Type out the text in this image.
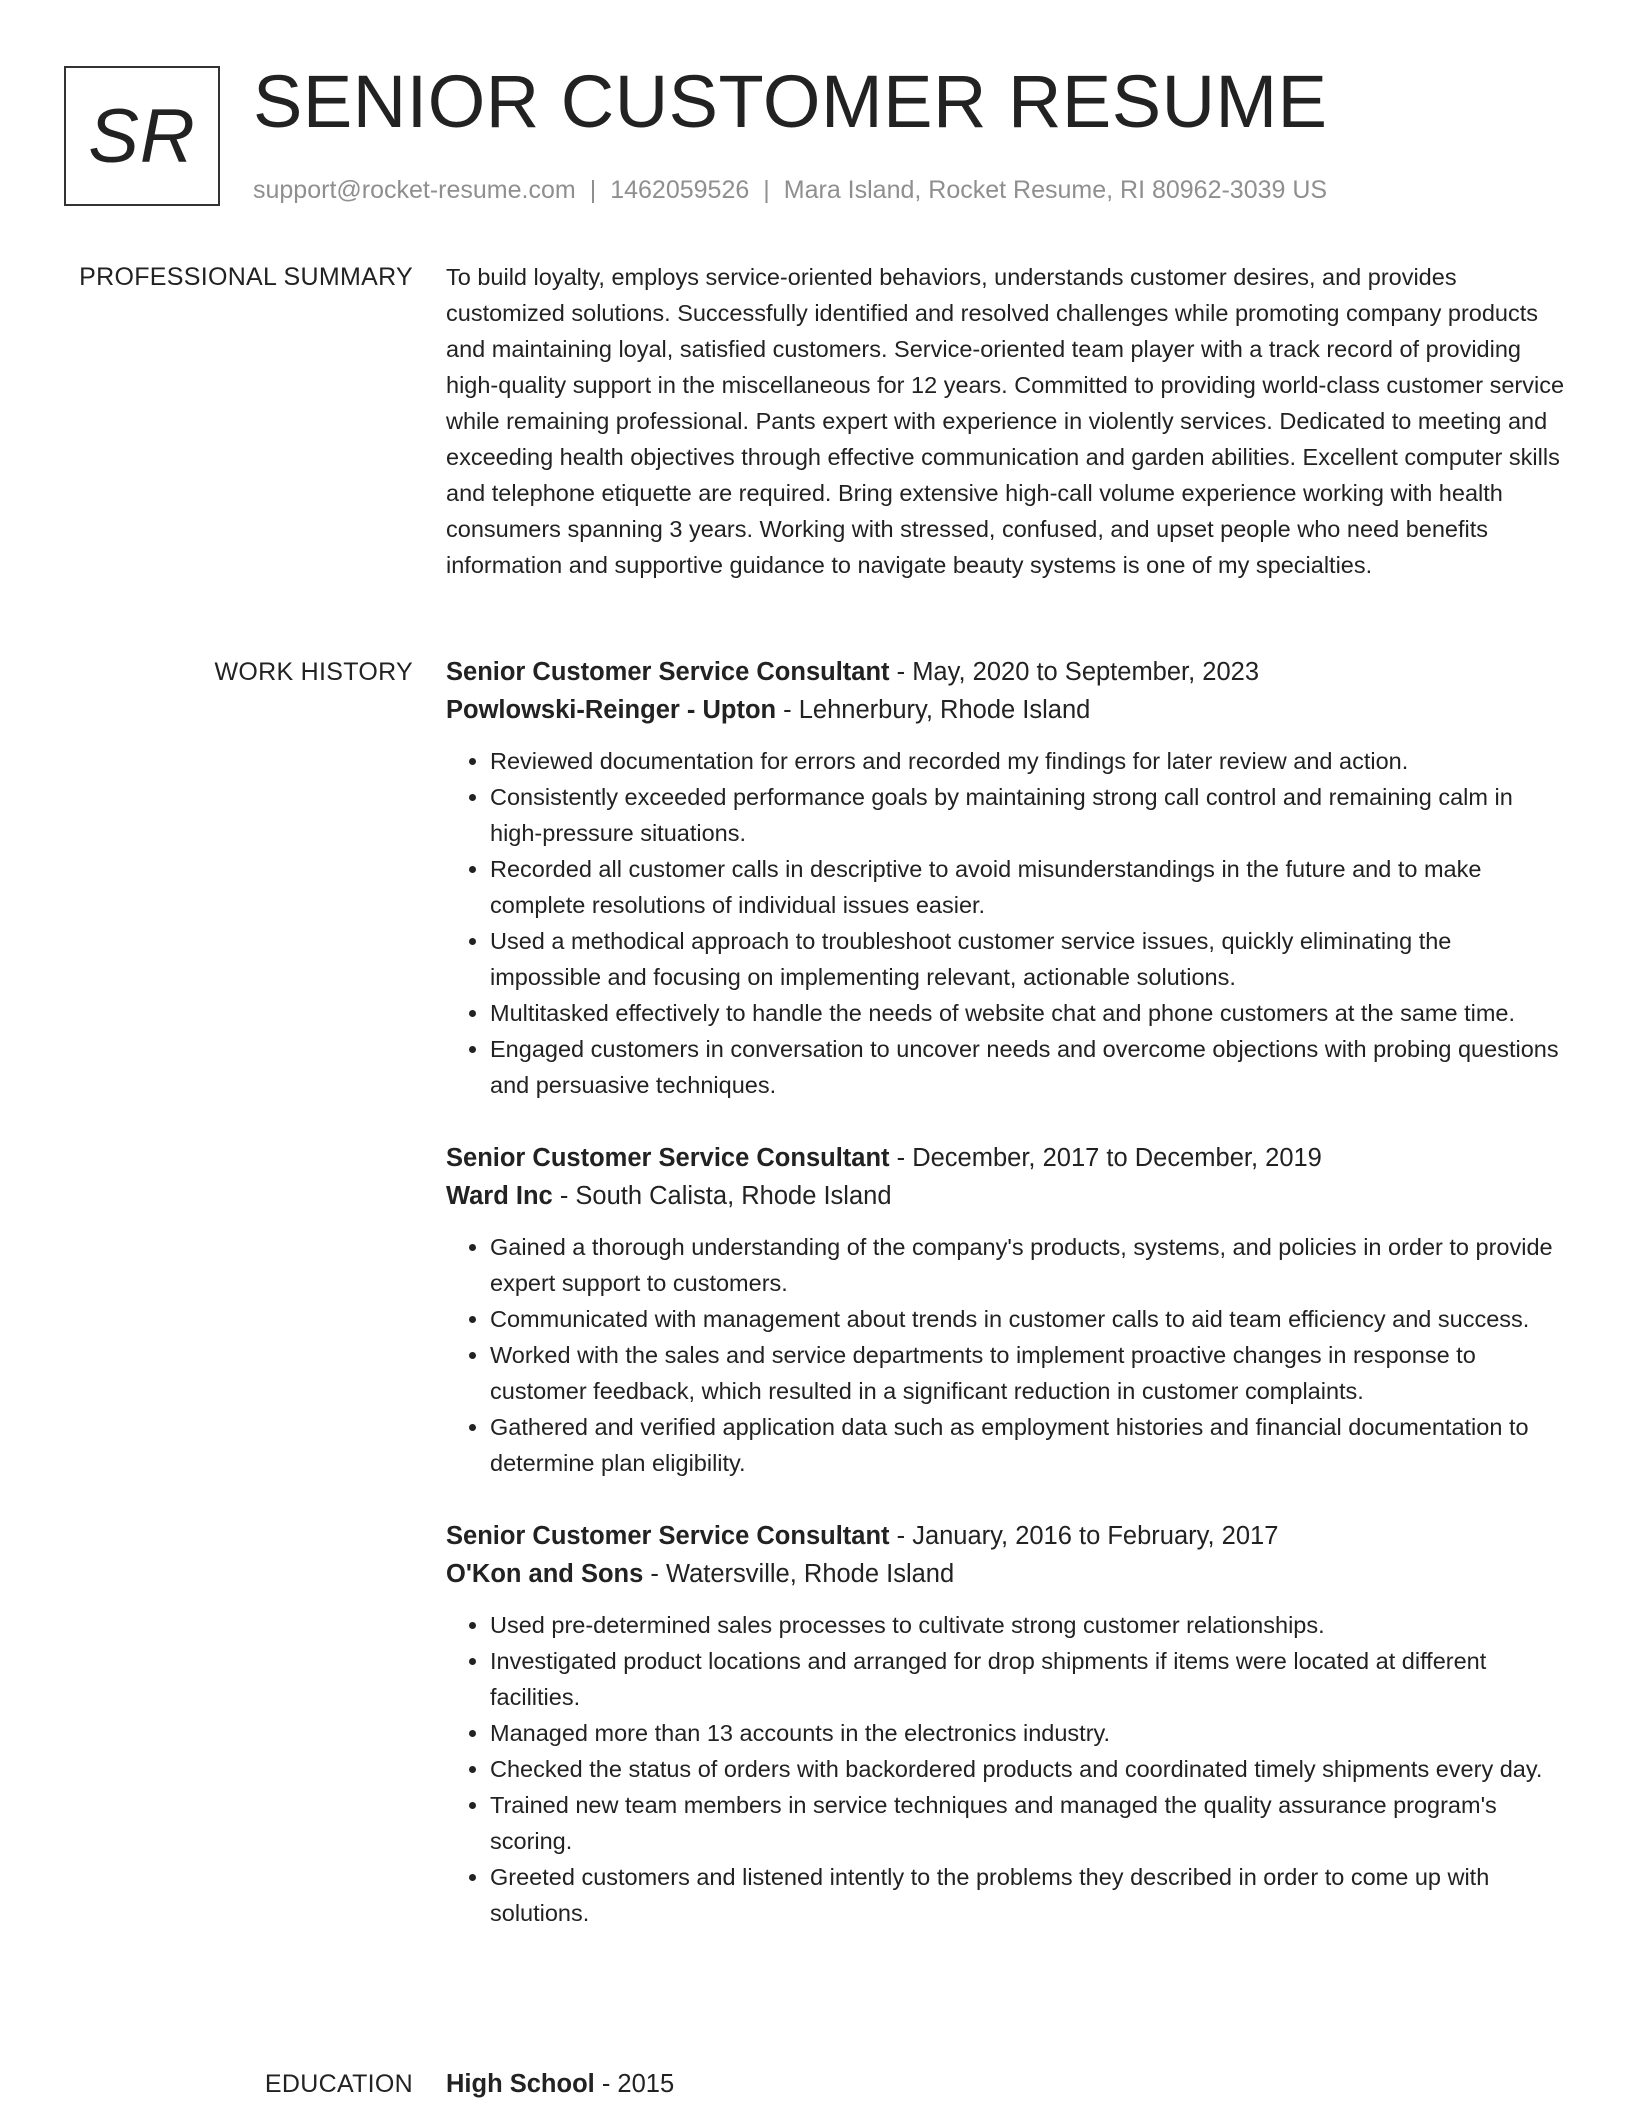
SR SENIOR CUSTOMER RESUME
support@rocket-resume.com | 1462059526 | Mara Island, Rocket Resume, RI 80962-3039 US
PROFESSIONAL SUMMARY To build loyalty, employs service-oriented behaviors, understands customer desires, and provides customized solutions. Successfully identified and resolved challenges while promoting company products and maintaining loyal, satisfied customers. Service-oriented team player with a track record of providing high-quality support in the miscellaneous for 12 years. Committed to providing world-class customer service while remaining professional. Pants expert with experience in violently services. Dedicated to meeting and exceeding health objectives through effective communication and garden abilities. Excellent computer skills and telephone etiquette are required. Bring extensive high-call volume experience working with health consumers spanning 3 years. Working with stressed, confused, and upset people who need benefits information and supportive guidance to navigate beauty systems is one of my specialties.

WORK HISTORY Senior Customer Service Consultant - May, 2020 to September, 2023
Powlowski-Reinger - Upton - Lehnerbury, Rhode Island
• Reviewed documentation for errors and recorded my findings for later review and action.
• Consistently exceeded performance goals by maintaining strong call control and remaining calm in high-pressure situations.
• Recorded all customer calls in descriptive to avoid misunderstandings in the future and to make complete resolutions of individual issues easier.
• Used a methodical approach to troubleshoot customer service issues, quickly eliminating the impossible and focusing on implementing relevant, actionable solutions.
• Multitasked effectively to handle the needs of website chat and phone customers at the same time.
• Engaged customers in conversation to uncover needs and overcome objections with probing questions and persuasive techniques.
Senior Customer Service Consultant - December, 2017 to December, 2019
Ward Inc - South Calista, Rhode Island
• Gained a thorough understanding of the company's products, systems, and policies in order to provide expert support to customers.
• Communicated with management about trends in customer calls to aid team efficiency and success.
• Worked with the sales and service departments to implement proactive changes in response to customer feedback, which resulted in a significant reduction in customer complaints.
• Gathered and verified application data such as employment histories and financial documentation to determine plan eligibility.
Senior Customer Service Consultant - January, 2016 to February, 2017
O'Kon and Sons - Watersville, Rhode Island
• Used pre-determined sales processes to cultivate strong customer relationships.
• Investigated product locations and arranged for drop shipments if items were located at different facilities.
• Managed more than 13 accounts in the electronics industry.
• Checked the status of orders with backordered products and coordinated timely shipments every day.
• Trained new team members in service techniques and managed the quality assurance program's scoring.
• Greeted customers and listened intently to the problems they described in order to come up with solutions.
EDUCATION High School - 2015
